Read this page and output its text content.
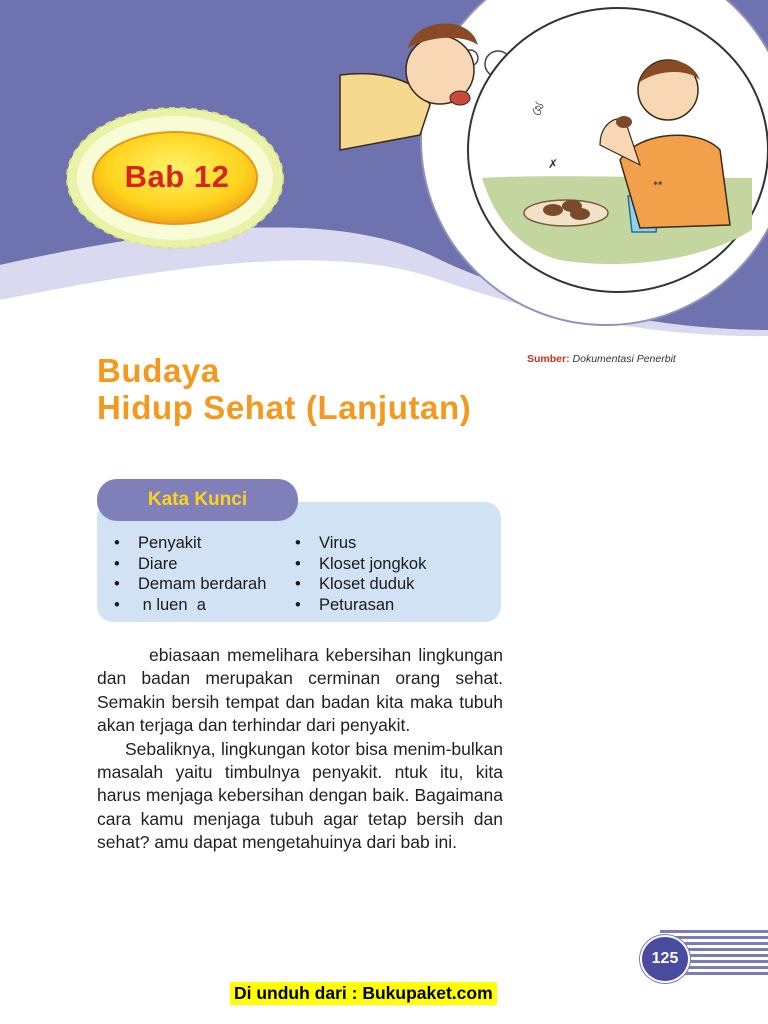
ঔ
✗
ᕯ
Bab 12
Sumber: Dokumentasi Penerbit
Budaya
Hidup Sehat (Lanjutan)
Kata Kunci
• Penyakit
• Diare
• Demam berdarah
•  n luen  a
• Virus
• Kloset jongkok
• Kloset duduk
• Peturasan

ebiasaan memelihara kebersihan lingkungan dan badan merupakan cerminan orang sehat. Semakin bersih tempat dan badan kita maka tubuh akan terjaga dan terhindar dari penyakit.

Sebaliknya, lingkungan kotor bisa menim-bulkan masalah yaitu timbulnya penyakit. ntuk itu, kita harus menjaga kebersihan dengan baik. Bagaimana cara kamu menjaga tubuh agar tetap bersih dan sehat? amu dapat mengetahuinya dari bab ini.

125
Di unduh dari : Bukupaket.com
